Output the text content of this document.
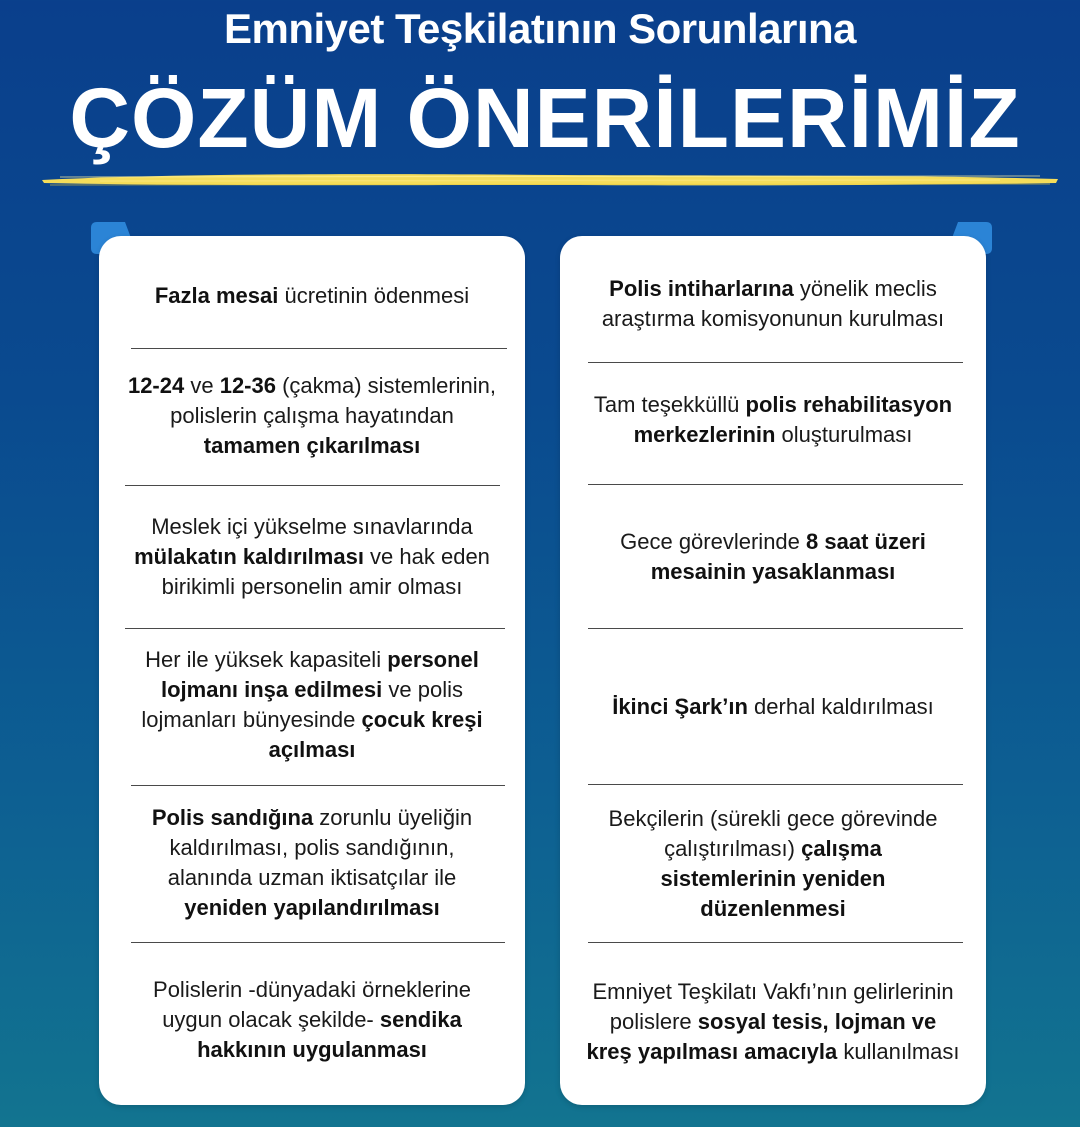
Emniyet Teşkilatının Sorunlarına
ÇÖZÜM ÖNERİLERİMİZ
Fazla mesai ücretinin ödenmesi
12-24 ve 12-36 (çakma) sistemlerinin, polislerin çalışma hayatından tamamen çıkarılması
Meslek içi yükselme sınavlarında mülakatın kaldırılması ve hak eden birikimli personelin amir olması
Her ile yüksek kapasiteli personel lojmanı inşa edilmesi ve polis lojmanları bünyesinde çocuk kreşi açılması
Polis sandığına zorunlu üyeliğin kaldırılması, polis sandığının, alanında uzman iktisatçılar ile yeniden yapılandırılması
Polislerin -dünyadaki örneklerine uygun olacak şekilde- sendika hakkının uygulanması
Polis intiharlarına yönelik meclis araştırma komisyonunun kurulması
Tam teşekküllü polis rehabilitasyon merkezlerinin oluşturulması
Gece görevlerinde 8 saat üzeri mesainin yasaklanması
İkinci Şark’ın derhal kaldırılması
Bekçilerin (sürekli gece görevinde çalıştırılması) çalışma sistemlerinin yeniden düzenlenmesi
Emniyet Teşkilatı Vakfı’nın gelirlerinin polislere sosyal tesis, lojman ve kreş yapılması amacıyla kullanılması
